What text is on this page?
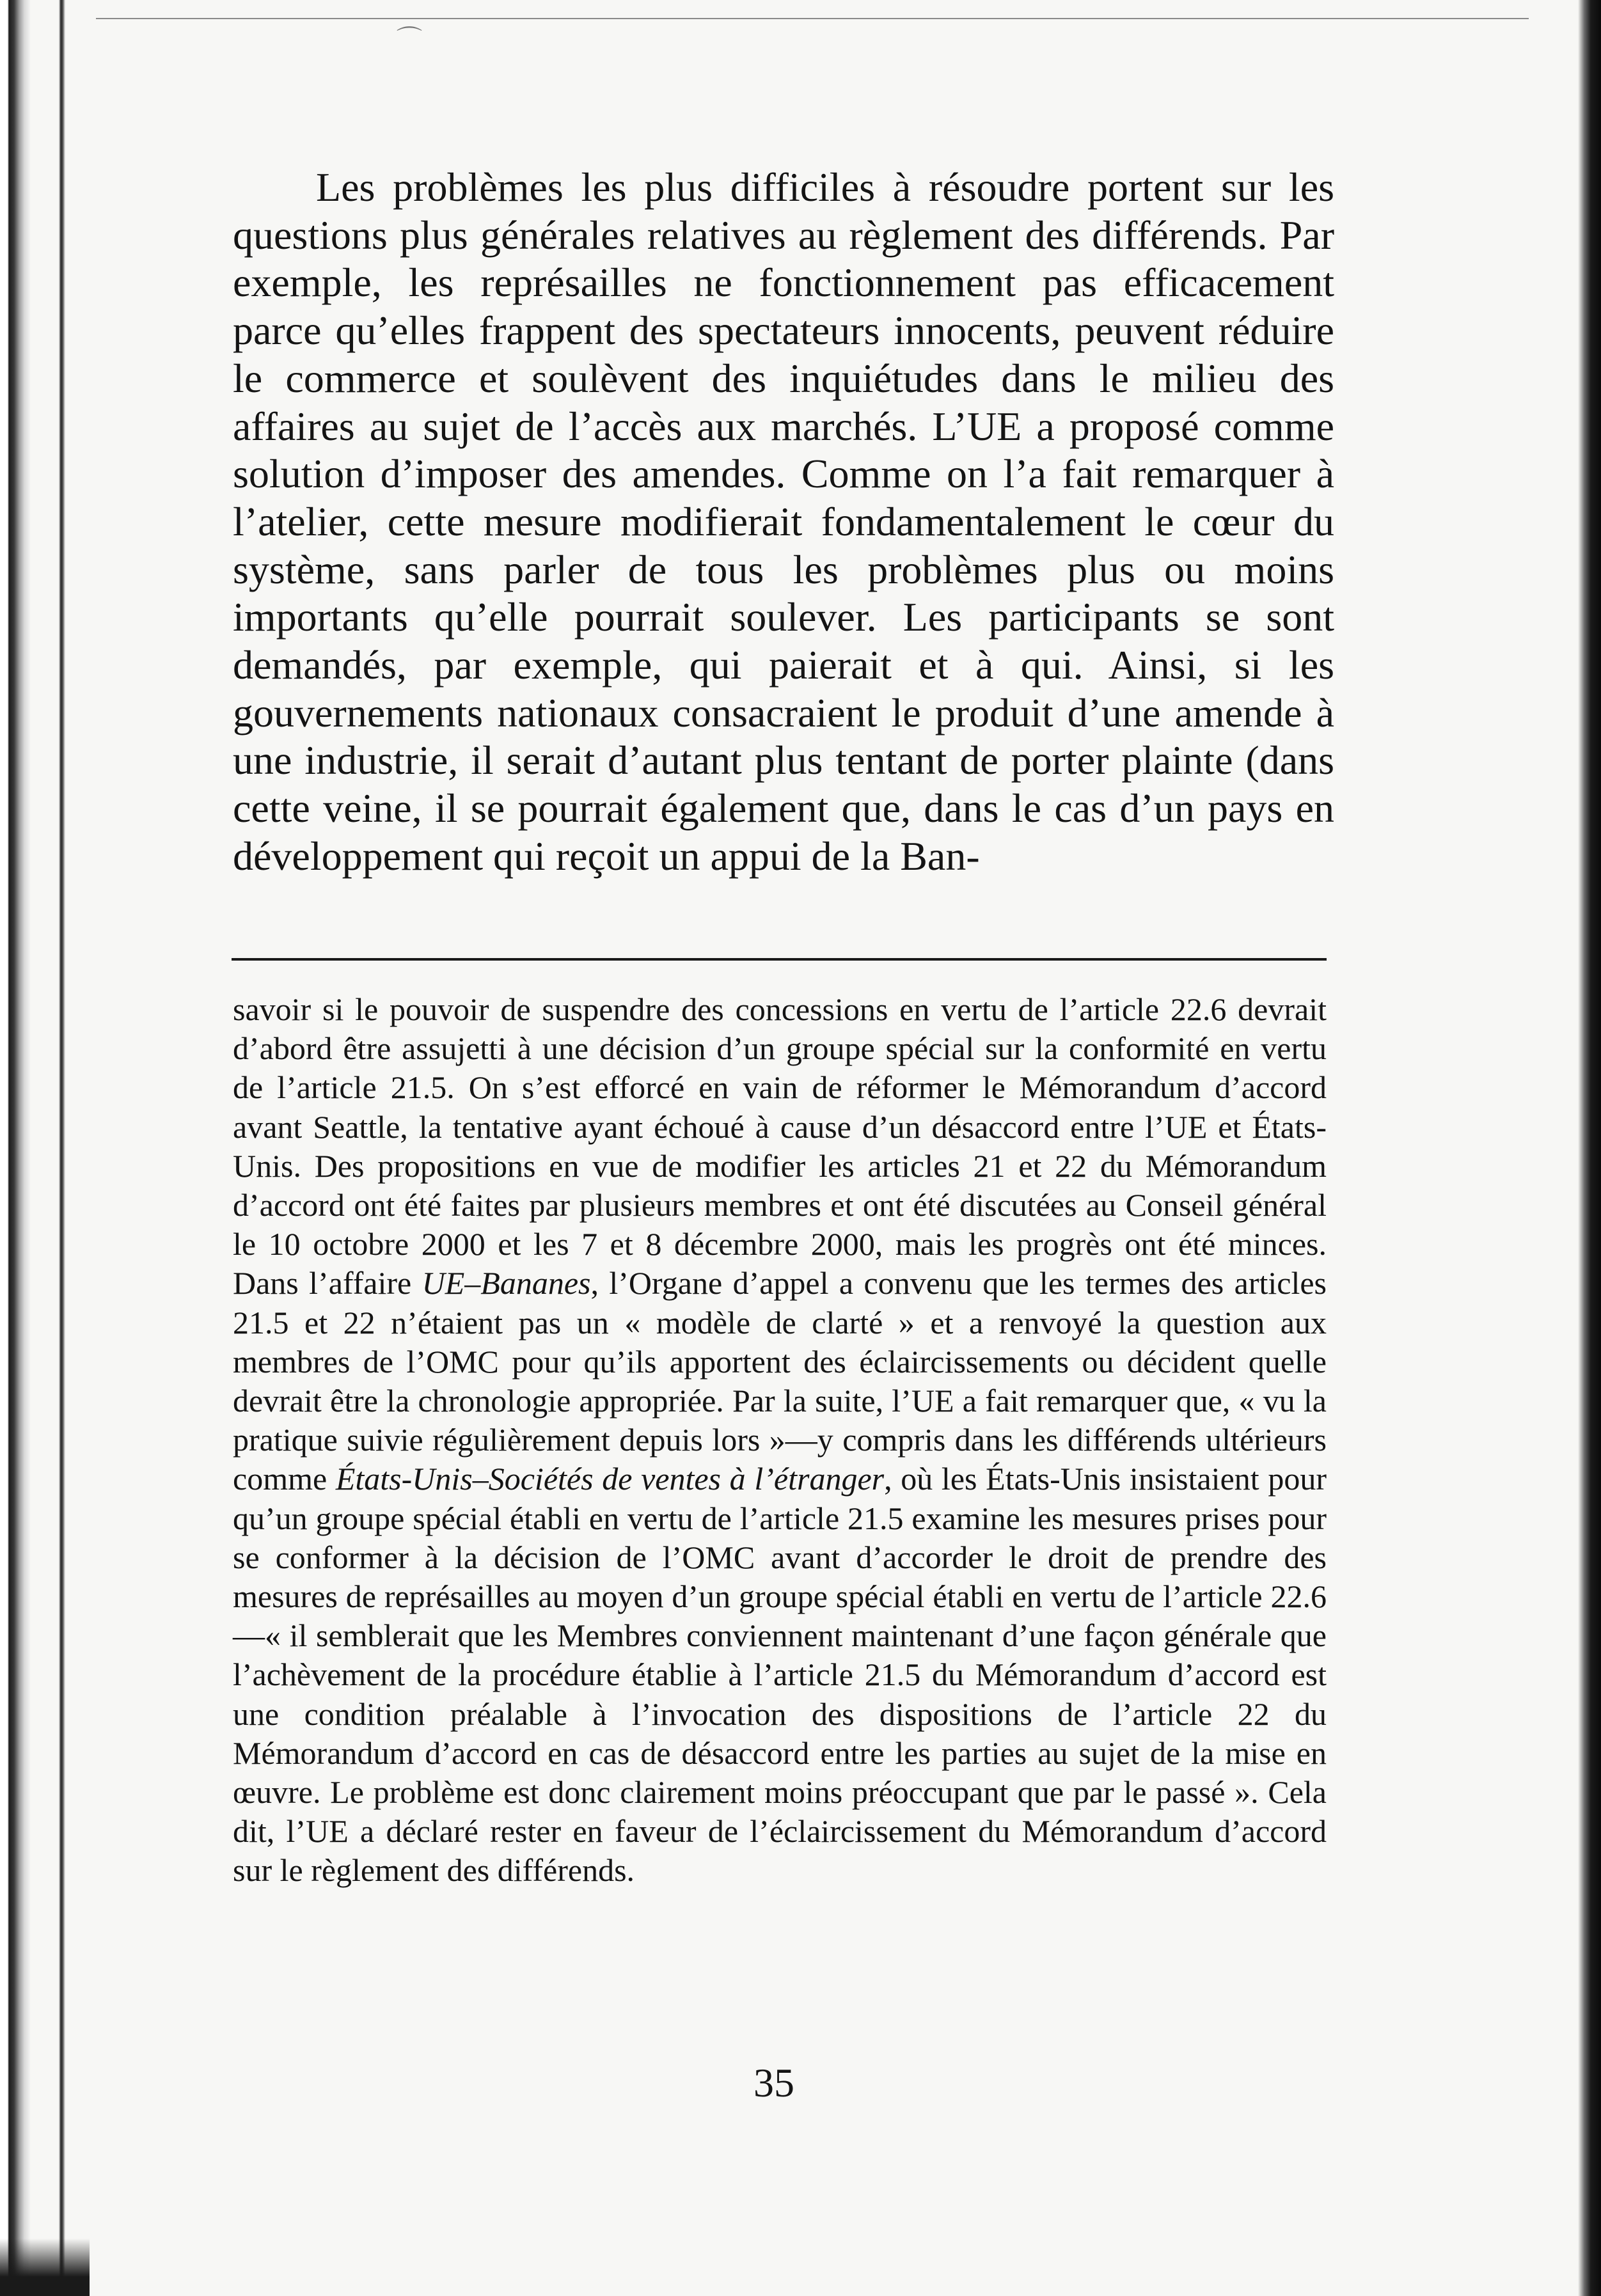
⌒

Les problèmes les plus difficiles à résoudre portent sur les questions plus générales relatives au règlement des différends. Par exemple, les représailles ne fonctionnement pas efficacement parce qu’elles frappent des spectateurs innocents, peuvent réduire le commerce et soulèvent des inquiétudes dans le milieu des affaires au sujet de l’accès aux marchés. L’UE a proposé comme solution d’imposer des amendes. Comme on l’a fait remarquer à l’atelier, cette mesure modifierait fondamentalement le cœur du système, sans parler de tous les problèmes plus ou moins importants qu’elle pourrait soulever. Les participants se sont demandés, par exemple, qui paierait et à qui. Ainsi, si les gouvernements nationaux consacraient le produit d’une amende à une industrie, il serait d’autant plus tentant de porter plainte (dans cette veine, il se pourrait également que, dans le cas d’un pays en développement qui reçoit un appui de la Ban-

savoir si le pouvoir de suspendre des concessions en vertu de l’article 22.6 devrait d’abord être assujetti à une décision d’un groupe spécial sur la conformité en vertu de l’article 21.5. On s’est efforcé en vain de réformer le Mémorandum d’accord avant Seattle, la tentative ayant échoué à cause d’un désaccord entre l’UE et États-Unis. Des propositions en vue de modifier les articles 21 et 22 du Mémorandum d’accord ont été faites par plusieurs membres et ont été discutées au Conseil général le 10 octobre 2000 et les 7 et 8 décembre 2000, mais les progrès ont été minces. Dans l’affaire UE–Bananes, l’Organe d’appel a convenu que les termes des articles 21.5 et 22 n’étaient pas un « modèle de clarté » et a renvoyé la question aux membres de l’OMC pour qu’ils apportent des éclaircissements ou décident quelle devrait être la chronologie appropriée. Par la suite, l’UE a fait remarquer que, « vu la pratique suivie régulièrement depuis lors »—y compris dans les différends ultérieurs comme États-Unis–Sociétés de ventes à l’étranger, où les États-Unis insistaient pour qu’un groupe spécial établi en vertu de l’article 21.5 examine les mesures prises pour se conformer à la décision de l’OMC avant d’accorder le droit de prendre des mesures de représailles au moyen d’un groupe spécial établi en vertu de l’article 22.6—« il semblerait que les Membres conviennent maintenant d’une façon générale que l’achèvement de la procédure établie à l’article 21.5 du Mémorandum d’accord est une condition préalable à l’invocation des dispositions de l’article 22 du Mémorandum d’accord en cas de désaccord entre les parties au sujet de la mise en œuvre. Le problème est donc clairement moins préoccupant que par le passé ». Cela dit, l’UE a déclaré rester en faveur de l’éclaircissement du Mémorandum d’accord sur le règlement des différends.

35
